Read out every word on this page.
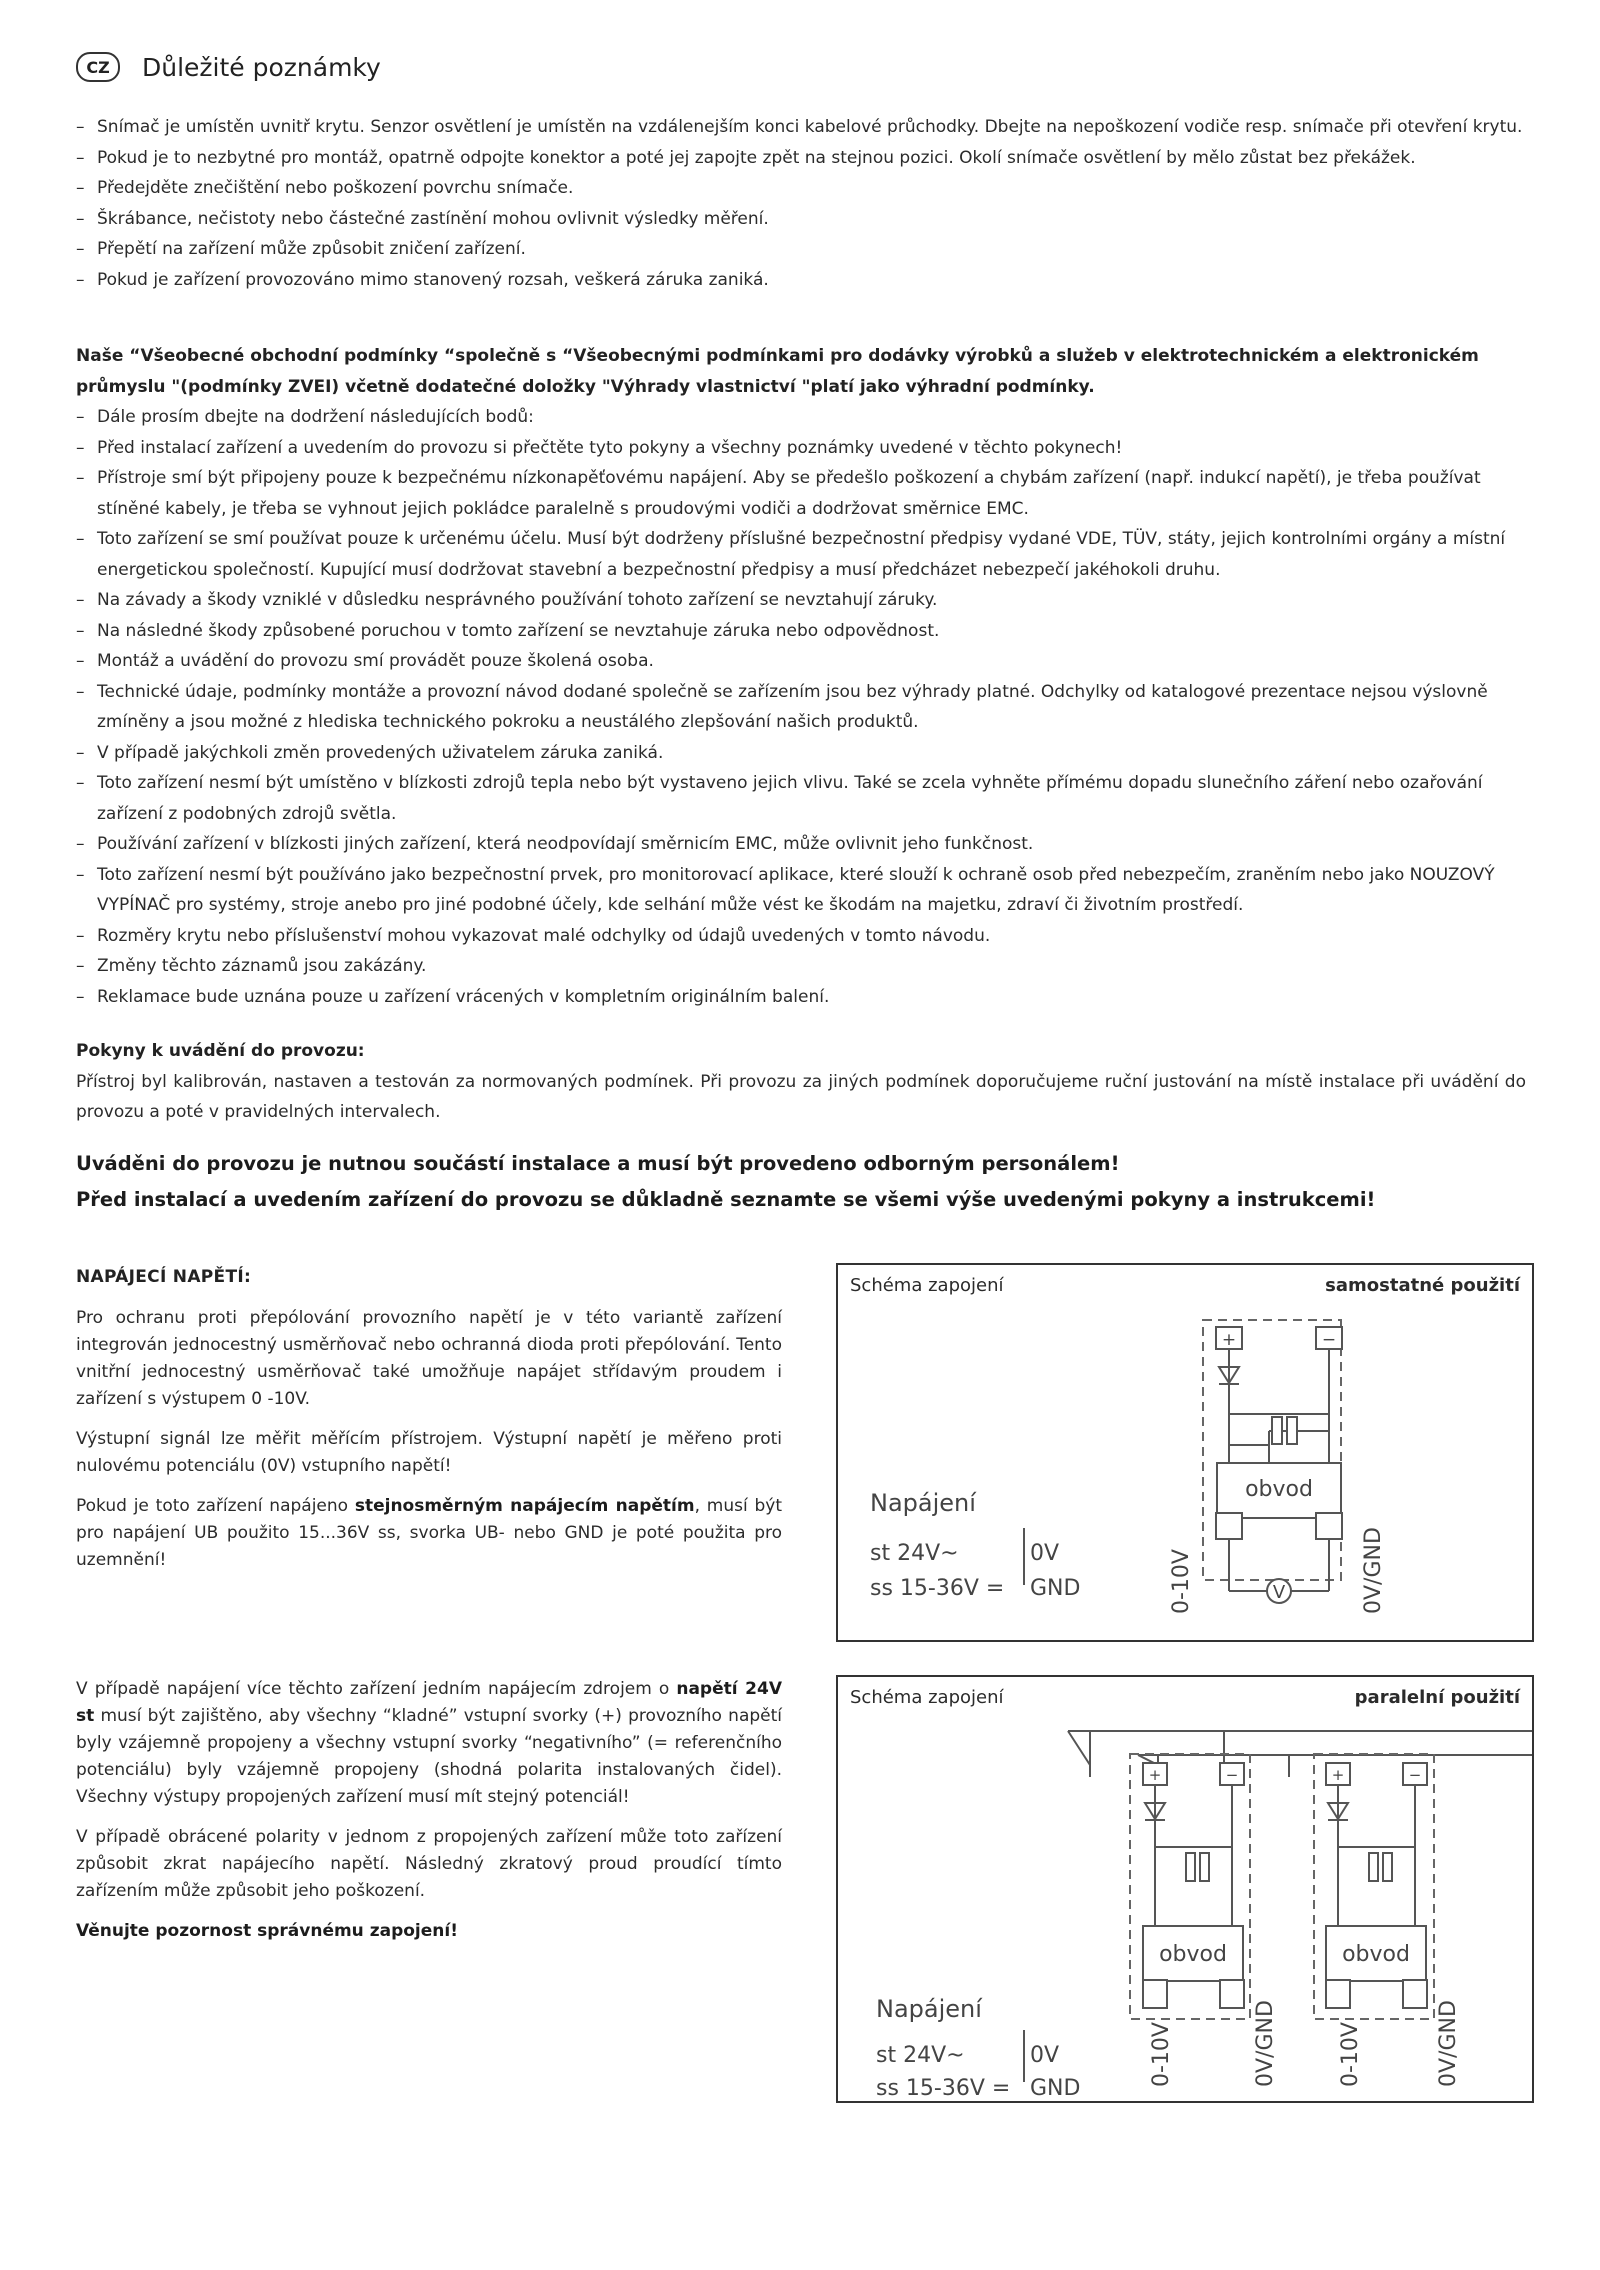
CZ	Důležité poznámky
– Snímač je umístěn uvnitř krytu. Senzor osvětlení je umístěn na vzdálenejším konci kabelové průchodky. Dbejte na nepoškození vodiče resp. snímače při otevření krytu.
– Pokud je to nezbytné pro montáž, opatrně odpojte konektor a poté jej zapojte zpět na stejnou pozici. Okolí snímače osvětlení by mělo zůstat bez překážek.
– Předejděte znečištění nebo poškození povrchu snímače.
– Škrábance, nečistoty nebo částečné zastínění mohou ovlivnit výsledky měření.
– Přepětí na zařízení může způsobit zničení zařízení.
– Pokud je zařízení provozováno mimo stanovený rozsah, veškerá záruka zaniká.

Naše “Všeobecné obchodní podmínky “společně s “Všeobecnými podmínkami pro dodávky výrobků a služeb v elektrotechnickém a elektronickém průmyslu "(podmínky ZVEI) včetně dodatečné doložky "Výhrady vlastnictví "platí jako výhradní podmínky.

– Dále prosím dbejte na dodržení následujících bodů:
– Před instalací zařízení a uvedením do provozu si přečtěte tyto pokyny a všechny poznámky uvedené v těchto pokynech!
– Přístroje smí být připojeny pouze k bezpečnému nízkonapěťovému napájení. Aby se předešlo poškození a chybám zařízení (např. indukcí napětí), je třeba používat stíněné kabely, je třeba se vyhnout jejich pokládce paralelně s proudovými vodiči a dodržovat směrnice EMC.
– Toto zařízení se smí používat pouze k určenému účelu. Musí být dodrženy příslušné bezpečnostní předpisy vydané VDE, TÜV, státy, jejich kontrolními orgány a místní energetickou společností. Kupující musí dodržovat stavební a bezpečnostní předpisy a musí předcházet nebezpečí jakéhokoli druhu.
– Na závady a škody vzniklé v důsledku nesprávného používání tohoto zařízení se nevztahují záruky.
– Na následné škody způsobené poruchou v tomto zařízení se nevztahuje záruka nebo odpovědnost.
– Montáž a uvádění do provozu smí provádět pouze školená osoba.
– Technické údaje, podmínky montáže a provozní návod dodané společně se zařízením jsou bez výhrady platné. Odchylky od katalogové prezentace nejsou výslovně zmíněny a jsou možné z hlediska technického pokroku a neustálého zlepšování našich produktů.
– V případě jakýchkoli změn provedených uživatelem záruka zaniká.
– Toto zařízení nesmí být umístěno v blízkosti zdrojů tepla nebo být vystaveno jejich vlivu. Také se zcela vyhněte přímému dopadu slunečního záření nebo ozařování zařízení z podobných zdrojů světla.
– Používání zařízení v blízkosti jiných zařízení, která neodpovídají směrnicím EMC, může ovlivnit jeho funkčnost.
– Toto zařízení nesmí být používáno jako bezpečnostní prvek, pro monitorovací aplikace, které slouží k ochraně osob před nebezpečím, zraněním nebo jako NOUZOVÝ VYPÍNAČ pro systémy, stroje anebo pro jiné podobné účely, kde selhání může vést ke škodám na majetku, zdraví či životním prostředí.
– Rozměry krytu nebo příslušenství mohou vykazovat malé odchylky od údajů uvedených v tomto návodu.
– Změny těchto záznamů jsou zakázány.
– Reklamace bude uznána pouze u zařízení vrácených v kompletním originálním balení.

Pokyny k uvádění do provozu:

Přístroj byl kalibrován, nastaven a testován za normovaných podmínek. Při provozu za jiných podmínek doporučujeme ruční justování na místě instalace při uvádění do provozu a poté v pravidelných intervalech.

Uváděni do provozu je nutnou součástí instalace a musí být provedeno odborným personálem!
Před instalací a uvedením zařízení do provozu se důkladně seznamte se všemi výše uvedenými pokyny a instrukcemi!

NAPÁJECÍ NAPĚTÍ:

Pro ochranu proti přepólování provozního napětí je v této variantě zařízení integrován jednocestný usměrňovač nebo ochranná dioda proti přepólování. Tento vnitřní jednocestný usměrňovač také umožňuje napájet střídavým proudem i zařízení s výstupem 0 -10V.

Výstupní signál lze měřit měřícím přístrojem. Výstupní napětí je měřeno proti nulovému potenciálu (0V) vstupního napětí!

Pokud je toto zařízení napájeno stejnosměrným napájecím napětím, musí být pro napájení UB použito 15...36V ss, svorka UB- nebo GND je poté použita pro uzemnění!

V případě napájení více těchto zařízení jedním napájecím zdrojem o napětí 24V st musí být zajištěno, aby všechny “kladné” vstupní svorky (+) provozního napětí byly vzájemně propojeny a všechny vstupní svorky “negativního” (= referenčního potenciálu) byly vzájemně propojeny (shodná polarita instalovaných čidel). Všechny výstupy propojených zařízení musí mít stejný potenciál!

V případě obrácené polarity v jednom z propojených zařízení může toto zařízení způsobit zkrat napájecího napětí. Následný zkratový proud proudící tímto zařízením může způsobit jeho poškození.

Věnujte pozornost správnému zapojení!

Schéma zapojení	samostatné použití
+	−
obvod
V
Napájení
st 24V~
ss 15-36V =
0V
GND	0-10V	0V/GND
Schéma zapojení	paralelní použití
+	−	+	−
obvod	obvod
Napájení
st 24V~
ss 15-36V =
0V
GND
0-10V	0V/GND	0-10V	0V/GND
